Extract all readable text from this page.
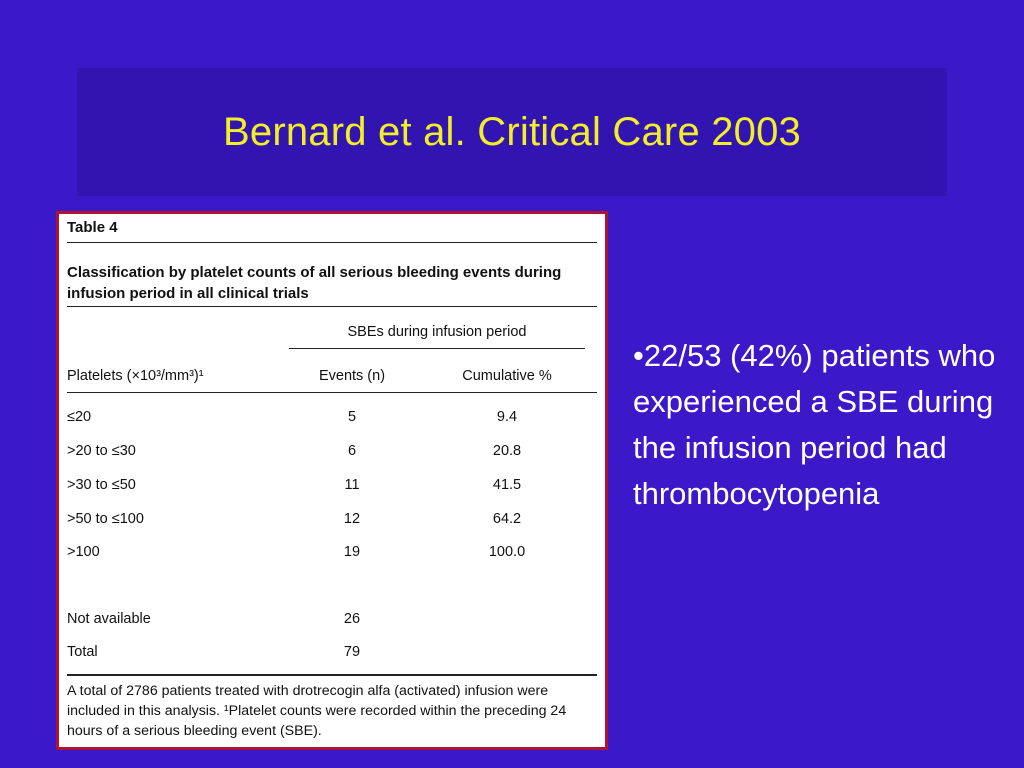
Bernard et al. Critical Care 2003
Table 4
Classification by platelet counts of all serious bleeding events during infusion period in all clinical trials
SBEs during infusion period
Platelets (×10³/mm³)¹	Events (n)	Cumulative %
≤20	5	9.4
>20 to ≤30	6	20.8
>30 to ≤50	11	41.5
>50 to ≤100	12	64.2
>100	19	100.0
Not available	26
Total	79
A total of 2786 patients treated with drotrecogin alfa (activated) infusion were included in this analysis. ¹Platelet counts were recorded within the preceding 24 hours of a serious bleeding event (SBE).
•22/53 (42%) patients who experienced a SBE during the infusion period had thrombocytopenia
